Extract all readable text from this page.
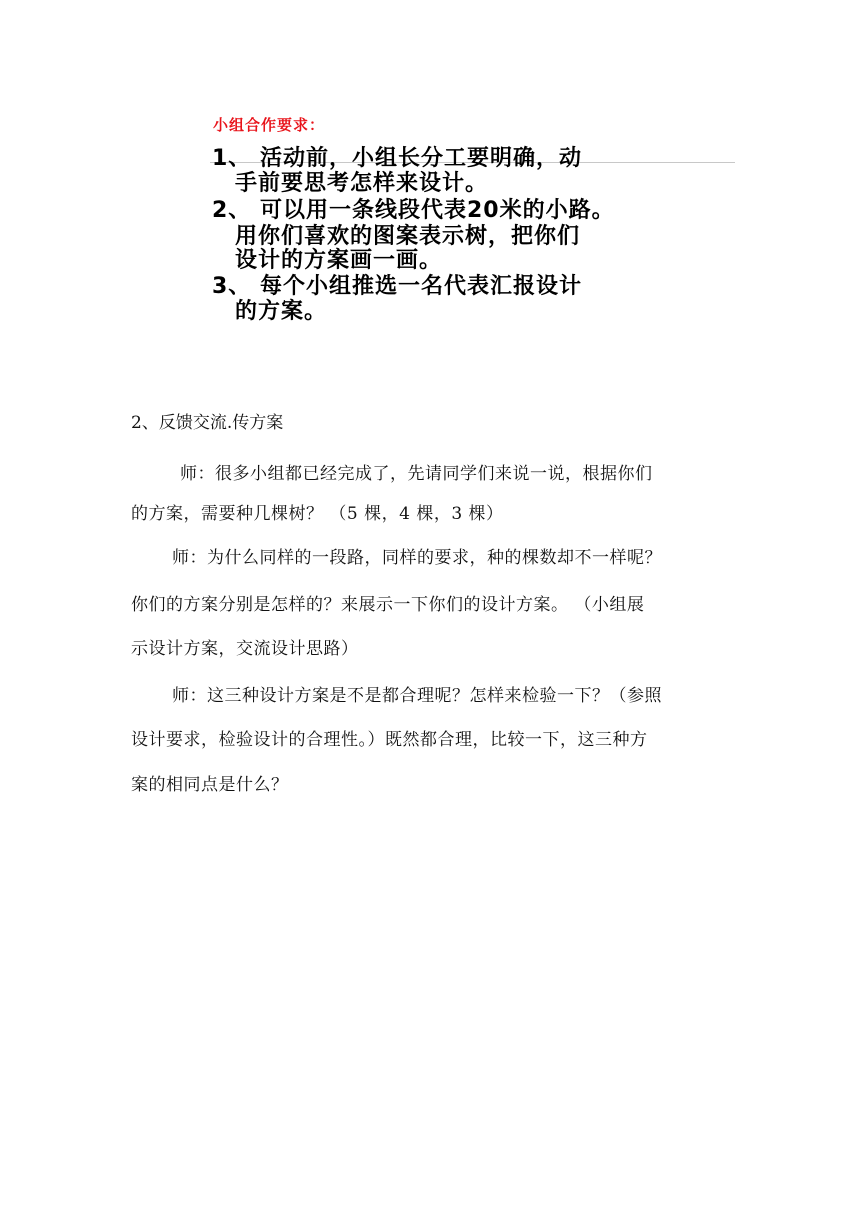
小组合作要求：
1、 活动前，小组长分工要明确，动
手前要思考怎样来设计。
2、 可以用一条线段代表20米的小路。
用你们喜欢的图案表示树，把你们
设计的方案画一画。
3、 每个小组推选一名代表汇报设计
的方案。
2、反馈交流.传方案
师：很多小组都已经完成了，先请同学们来说一说，根据你们
的方案，需要种几棵树？ （5 棵，4 棵，3 棵）
师：为什么同样的一段路，同样的要求，种的棵数却不一样呢？
你们的方案分别是怎样的？来展示一下你们的设计方案。 （小组展
示设计方案，交流设计思路）
师：这三种设计方案是不是都合理呢？怎样来检验一下？（参照
设计要求，检验设计的合理性。）既然都合理，比较一下，这三种方
案的相同点是什么？
